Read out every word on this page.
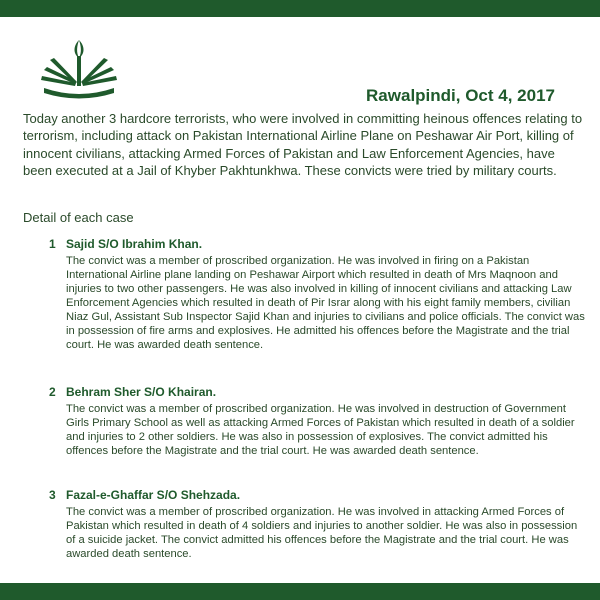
Rawalpindi, Oct 4, 2017
Today another 3 hardcore terrorists, who were involved in committing heinous offences relating to terrorism, including attack on Pakistan International Airline Plane on Peshawar Air Port, killing of innocent civilians, attacking Armed Forces of Pakistan and Law Enforcement Agencies, have been executed at a Jail of Khyber Pakhtunkhwa. These convicts were tried by military courts.
Detail of each case
1 Sajid S/O Ibrahim Khan.
The convict was a member of proscribed organization. He was involved in firing on a Pakistan International Airline plane landing on Peshawar Airport which resulted in death of Mrs Maqnoon and injuries to two other passengers. He was also involved in killing of innocent civilians and attacking Law Enforcement Agencies which resulted in death of Pir Israr along with his eight family members, civilian Niaz Gul, Assistant Sub Inspector Sajid Khan and injuries to civilians and police officials. The convict was in possession of fire arms and explosives. He admitted his offences before the Magistrate and the trial court. He was awarded death sentence.
2 Behram Sher S/O Khairan.
The convict was a member of proscribed organization. He was involved in destruction of Government Girls Primary School as well as attacking Armed Forces of Pakistan which resulted in death of a soldier and injuries to 2 other soldiers. He was also in possession of explosives. The convict admitted his offences before the Magistrate and the trial court. He was awarded death sentence.
3 Fazal-e-Ghaffar S/O Shehzada.
The convict was a member of proscribed organization. He was involved in attacking Armed Forces of Pakistan which resulted in death of 4 soldiers and injuries to another soldier. He was also in possession of a suicide jacket. The convict admitted his offences before the Magistrate and the trial court. He was awarded death sentence.
